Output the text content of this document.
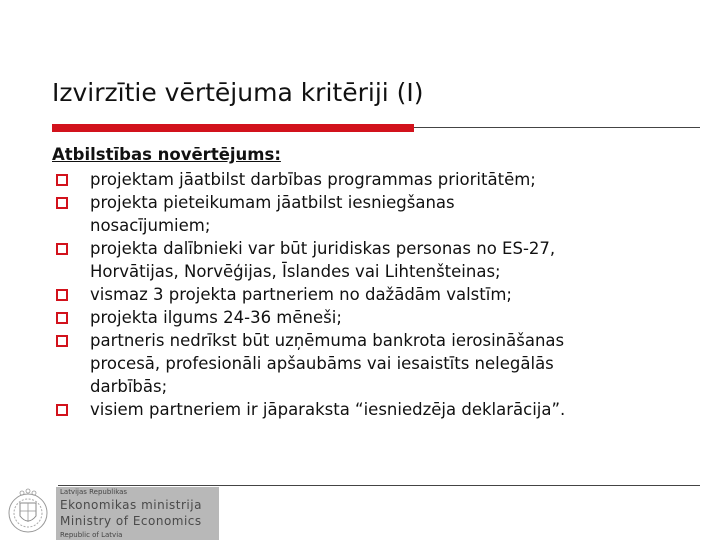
Izvirzītie vērtējuma kritēriji (I)
Atbilstības novērtējums:
projektam jāatbilst darbības programmas prioritātēm;
projekta pieteikumam jāatbilst iesniegšanas
nosacījumiem;
projekta dalībnieki var būt juridiskas personas no ES-27,
Horvātijas, Norvēģijas, Īslandes vai Lihtenšteinas;
vismaz 3 projekta partneriem no dažādām valstīm;
projekta ilgums 24-36 mēneši;
partneris nedrīkst būt uzņēmuma bankrota ierosināšanas
procesā, profesionāli apšaubāms vai iesaistīts nelegālās
darbībās;
visiem partneriem ir jāparaksta “iesniedzēja deklarācija”.
Latvijas Republikas
Ekonomikas ministrija
Ministry of Economics
Republic of Latvia
